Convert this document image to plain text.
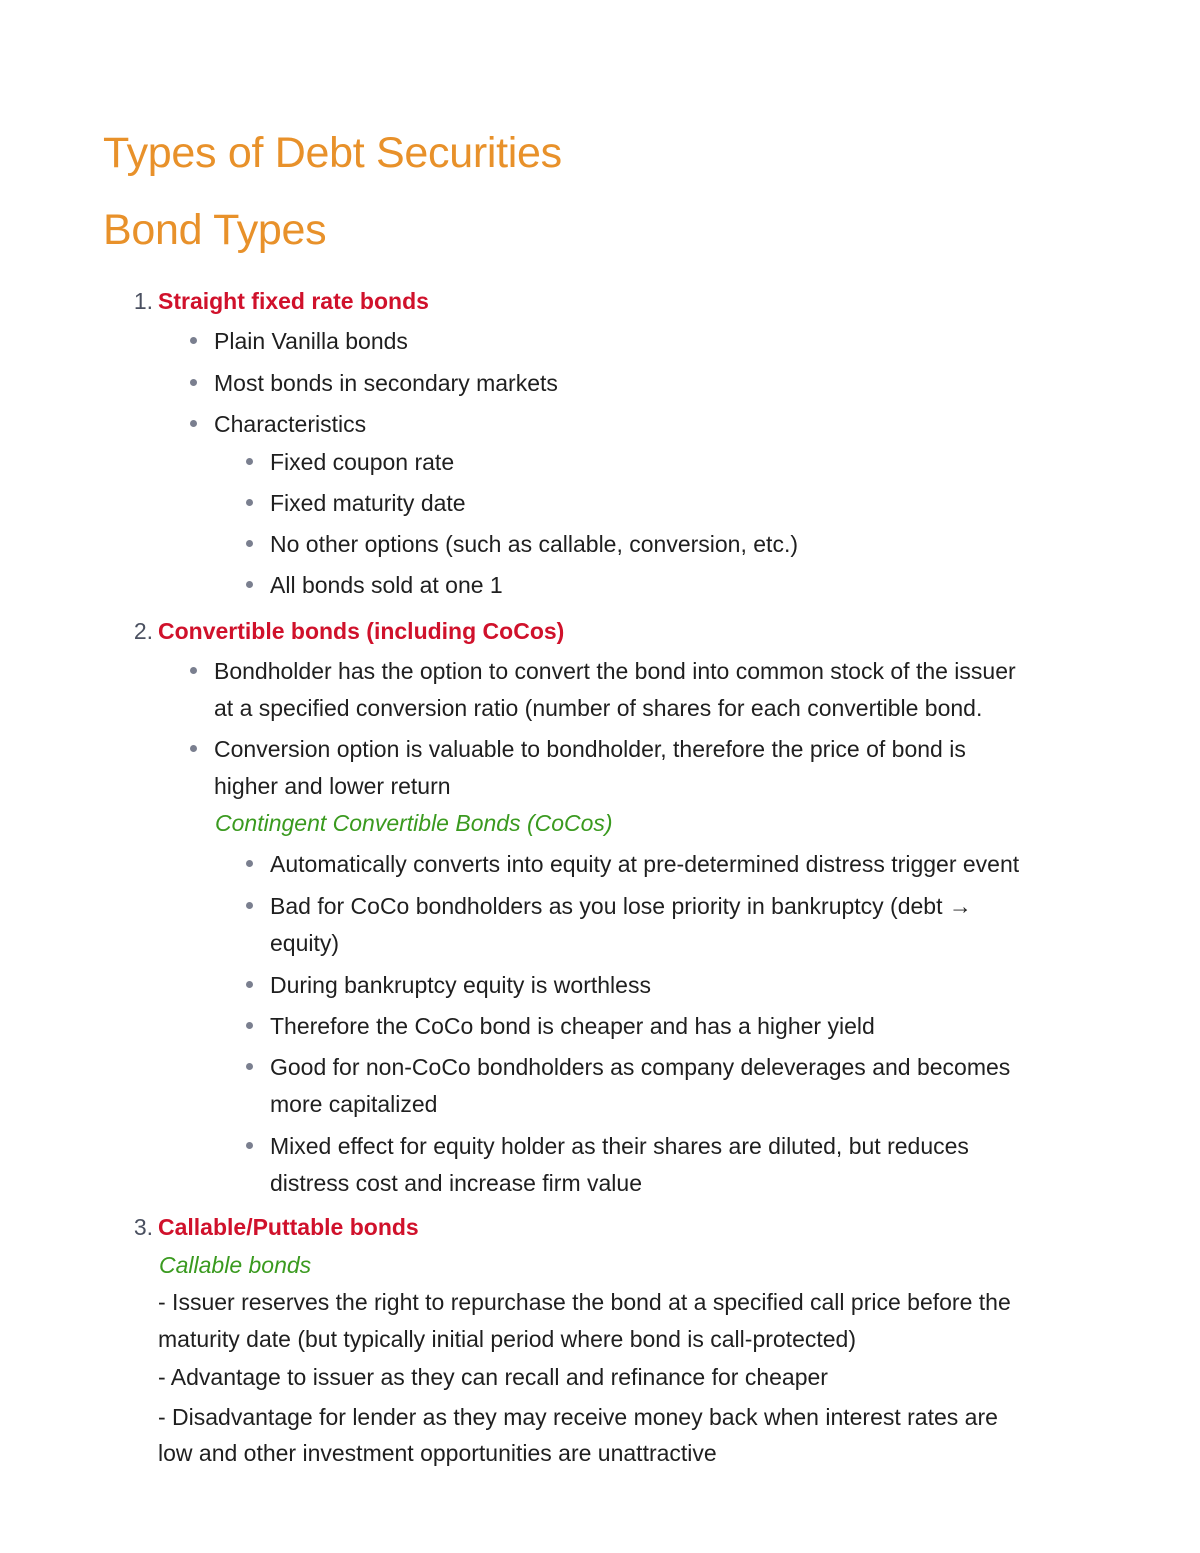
Types of Debt Securities
Bond Types
1. Straight fixed rate bonds
Plain Vanilla bonds
Most bonds in secondary markets
Characteristics
Fixed coupon rate
Fixed maturity date
No other options (such as callable, conversion, etc.)
All bonds sold at one 1
2. Convertible bonds (including CoCos)
Bondholder has the option to convert the bond into common stock of the issuer
at a specified conversion ratio (number of shares for each convertible bond.
Conversion option is valuable to bondholder, therefore the price of bond is
higher and lower return
Contingent Convertible Bonds (CoCos)
Automatically converts into equity at pre-determined distress trigger event
Bad for CoCo bondholders as you lose priority in bankruptcy (debt →
equity)
During bankruptcy equity is worthless
Therefore the CoCo bond is cheaper and has a higher yield
Good for non-CoCo bondholders as company deleverages and becomes
more capitalized
Mixed effect for equity holder as their shares are diluted, but reduces
distress cost and increase firm value
3. Callable/Puttable bonds
Callable bonds
- Issuer reserves the right to repurchase the bond at a specified call price before the
maturity date (but typically initial period where bond is call-protected)
- Advantage to issuer as they can recall and refinance for cheaper
- Disadvantage for lender as they may receive money back when interest rates are
low and other investment opportunities are unattractive
